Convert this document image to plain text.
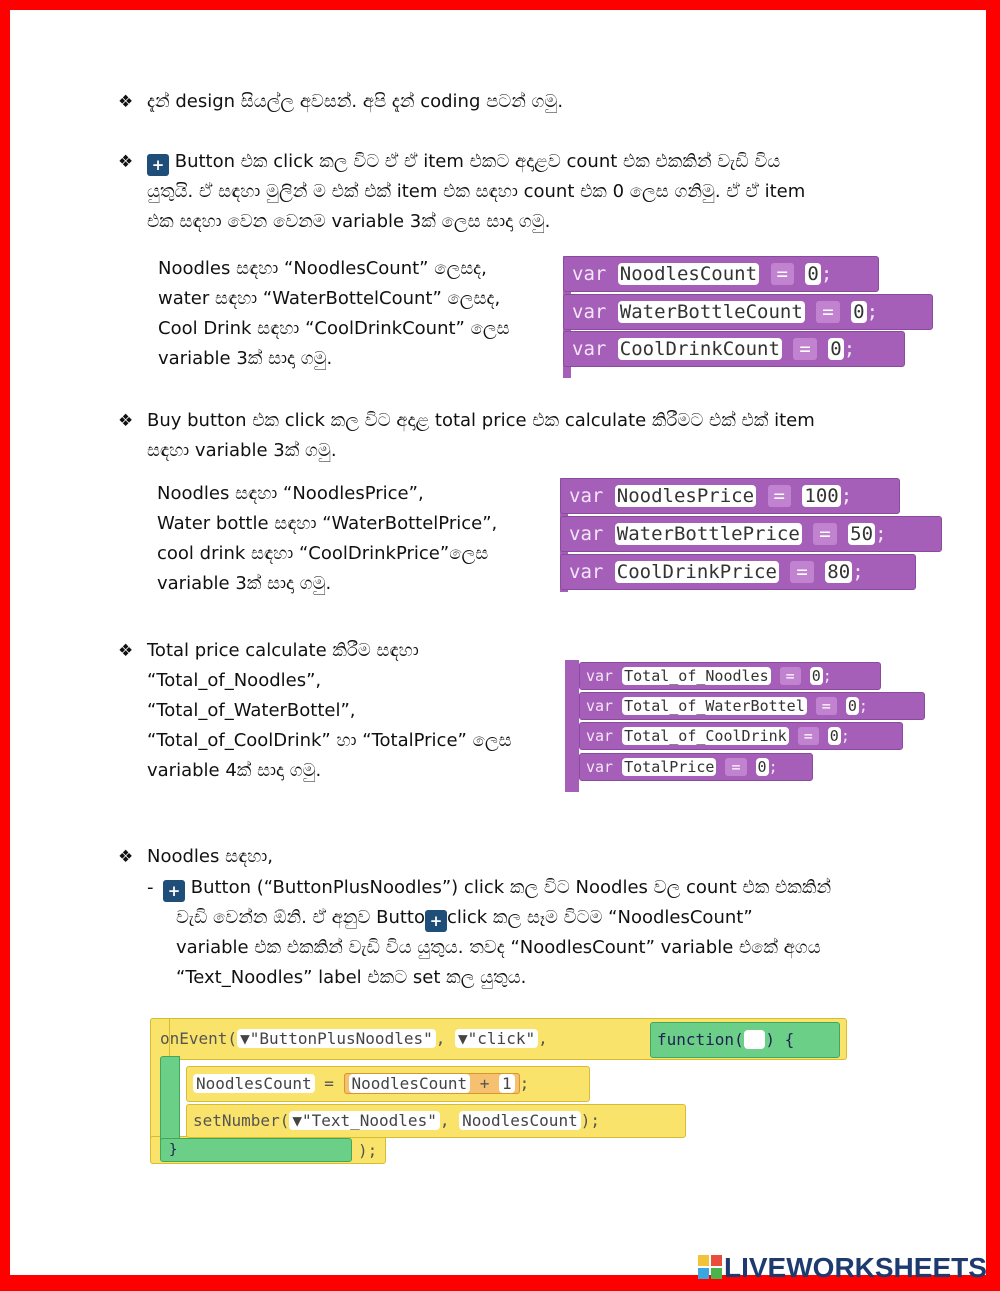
❖ දැන් design සියල්ල අවසන්. අපි දැන් coding පටන් ගමු.
❖	+ Button එක click කල විට ඒ ඒ item එකට අදාළව count එක එකකින් වැඩි විය
යුතුයි. ඒ සඳහා මුලින් ම එක් එක් item එක සඳහා count එක 0 ලෙස ගනිමු. ඒ ඒ item
එක සඳහා වෙන වෙනම variable 3ක් ලෙස සාදා ගමු.
Noodles සඳහා “NoodlesCount” ලෙසද,
water සඳහා “WaterBottelCount” ලෙසද,
Cool Drink සඳහා “CoolDrinkCount” ලෙස
variable 3ක් සාදා ගමු.
var NoodlesCount = 0 ;
var WaterBottleCount = 0 ;
var CoolDrinkCount = 0 ;
❖ Buy button එක click කල විට අදාළ total price එක calculate කිරීමට එක් එක් item
සඳහා variable 3ක් ගමු.
Noodles සඳහා “NoodlesPrice”,
Water bottle සඳහා “WaterBottelPrice”,
cool drink සඳහා “CoolDrinkPrice”ලෙස
variable 3ක් සාදා ගමු.
var NoodlesPrice = 100 ;
var WaterBottlePrice = 50 ;
var CoolDrinkPrice = 80 ;
❖ Total price calculate කිරීම සඳහා
“Total_of_Noodles”,
“Total_of_WaterBottel”,
“Total_of_CoolDrink” හා “TotalPrice” ලෙස
variable 4ක් සාදා ගමු.
var Total_of_Noodles = 0 ;
var Total_of_WaterBottel = 0 ;
var Total_of_CoolDrink = 0 ;
var TotalPrice = 0 ;
❖ Noodles සඳහා,
- + Button (“ButtonPlusNoodles”) click කල විට Noodles වල count එක එකකින්
වැඩි වෙන්න ඕනි. ඒ අනුව Butto + click කල සෑම විටම “NoodlesCount”
variable එක එකකින් වැඩි විය යුතුය. තවද “NoodlesCount” variable එකේ අගය
“Text_Noodles” label එකට set කල යුතුය.
onEvent( ▼"ButtonPlusNoodles" , ▼"click" ,	function( ) {
}	);
NoodlesCount = NoodlesCount + 1 ;
setNumber( ▼"Text_Noodles" , NoodlesCount );
LIVEWORKSHEETS
